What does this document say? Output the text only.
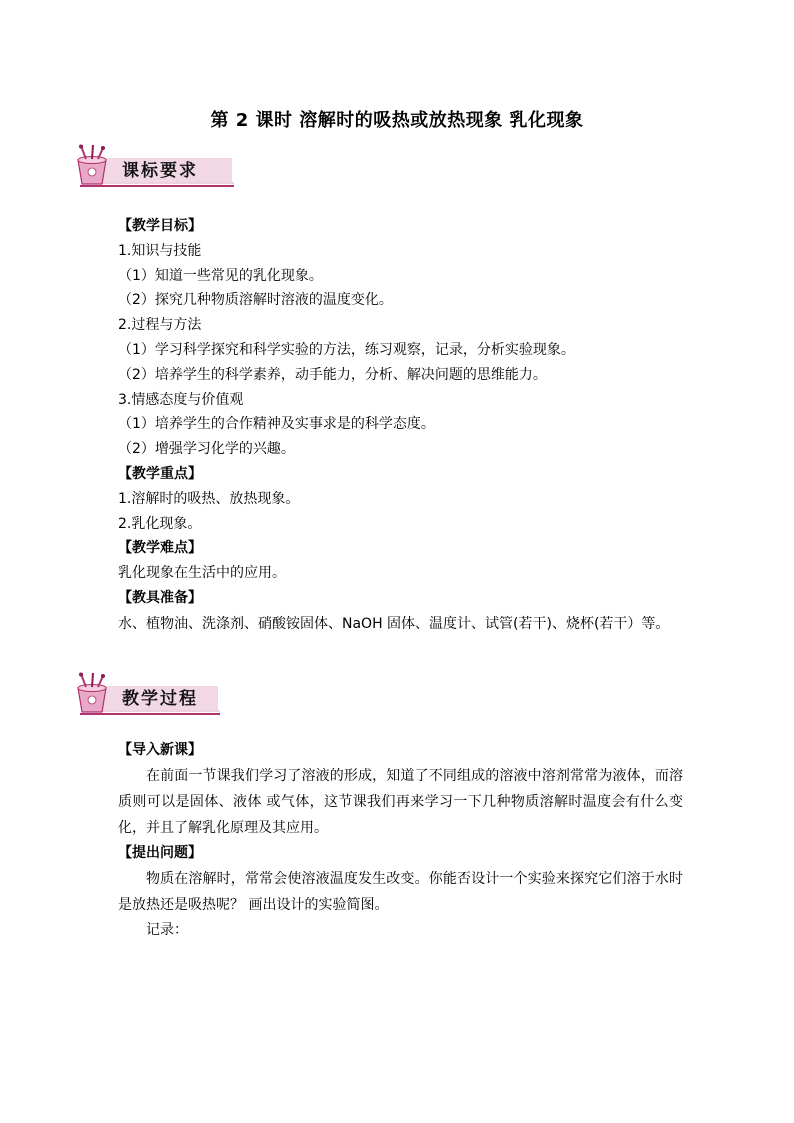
第 2 课时 溶解时的吸热或放热现象 乳化现象
课标要求
【教学目标】
1.知识与技能
（1）知道一些常见的乳化现象。
（2）探究几种物质溶解时溶液的温度变化。
2.过程与方法
（1）学习科学探究和科学实验的方法，练习观察，记录，分析实验现象。
（2）培养学生的科学素养，动手能力，分析、解决问题的思维能力。
3.情感态度与价值观
（1）培养学生的合作精神及实事求是的科学态度。
（2）增强学习化学的兴趣。
【教学重点】
1.溶解时的吸热、放热现象。
2.乳化现象。
【教学难点】
乳化现象在生活中的应用。
【教具准备】
水、植物油、洗涤剂、硝酸铵固体、NaOH 固体、温度计、试管(若干)、烧杯(若干）等。
教学过程
【导入新课】
在前面一节课我们学习了溶液的形成，知道了不同组成的溶液中溶剂常常为液体，而溶质则可以是固体、液体 或气体，这节课我们再来学习一下几种物质溶解时温度会有什么变化，并且了解乳化原理及其应用。
【提出问题】
物质在溶解时，常常会使溶液温度发生改变。你能否设计一个实验来探究它们溶于水时是放热还是吸热呢？ 画出设计的实验简图。
记录：
